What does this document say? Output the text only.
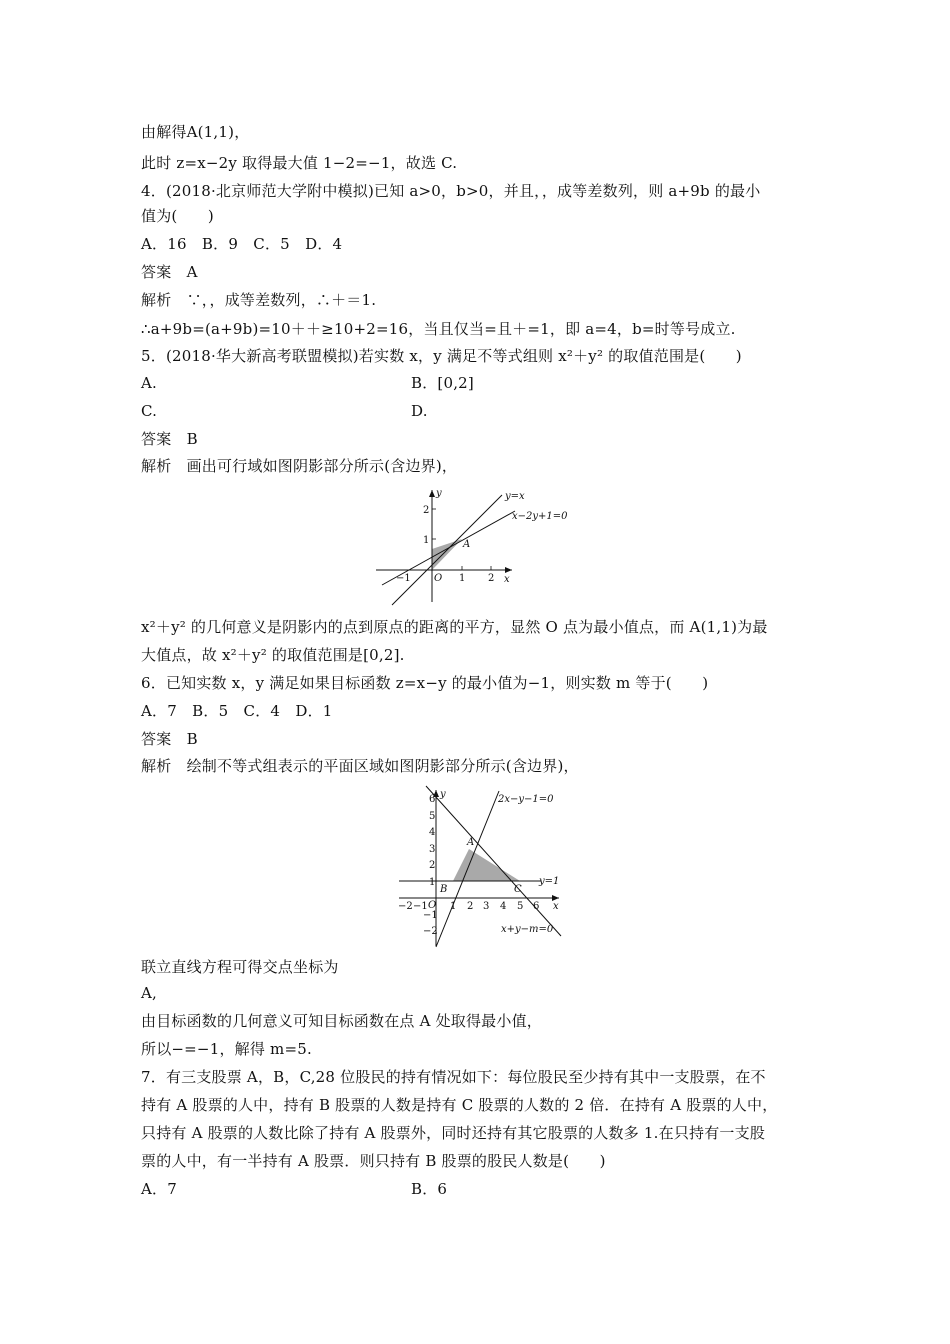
由解得A(1,1)，
此时 z=x−2y 取得最大值 1−2=−1，故选 C.
4．(2018·北京师范大学附中模拟)已知 a>0，b>0，并且，，成等差数列，则 a+9b 的最小
值为(　　)
A．16　B．9　C．5　D．4
答案　A
解析　∵，，成等差数列，∴＋＝1.
∴a+9b=(a+9b)=10＋＋≥10+2=16，当且仅当=且＋=1，即 a=4，b=时等号成立.
5．(2018·华大新高考联盟模拟)若实数 x，y 满足不等式组则 x²＋y² 的取值范围是(　　)
A.	B．[0,2]
C.	D.
答案　B
解析　画出可行域如图阴影部分所示(含边界)，
y
x
O
−1	1 2
1
2
A
y=x
x−2y+1=0
x²＋y² 的几何意义是阴影内的点到原点的距离的平方，显然 O 点为最小值点，而 A(1,1)为最
大值点，故 x²＋y² 的取值范围是[0,2].
6．已知实数 x，y 满足如果目标函数 z=x−y 的最小值为−1，则实数 m 等于(　　)
A．7　B．5　C．4　D．1
答案　B
解析　绘制不等式组表示的平面区域如图阴影部分所示(含边界)，
y
x
O
−2 −1 1 2 3 4 5 6
6
5
4
3
2
1
−1
−2
A
B	C
2x−y−1=0
y=1
x+y−m=0
联立直线方程可得交点坐标为
A,
由目标函数的几何意义可知目标函数在点 A 处取得最小值，
所以−=−1，解得 m=5.
7．有三支股票 A，B，C,28 位股民的持有情况如下：每位股民至少持有其中一支股票，在不
持有 A 股票的人中，持有 B 股票的人数是持有 C 股票的人数的 2 倍．在持有 A 股票的人中，
只持有 A 股票的人数比除了持有 A 股票外，同时还持有其它股票的人数多 1.在只持有一支股
票的人中，有一半持有 A 股票．则只持有 B 股票的股民人数是(　　)
A．7	B．6
